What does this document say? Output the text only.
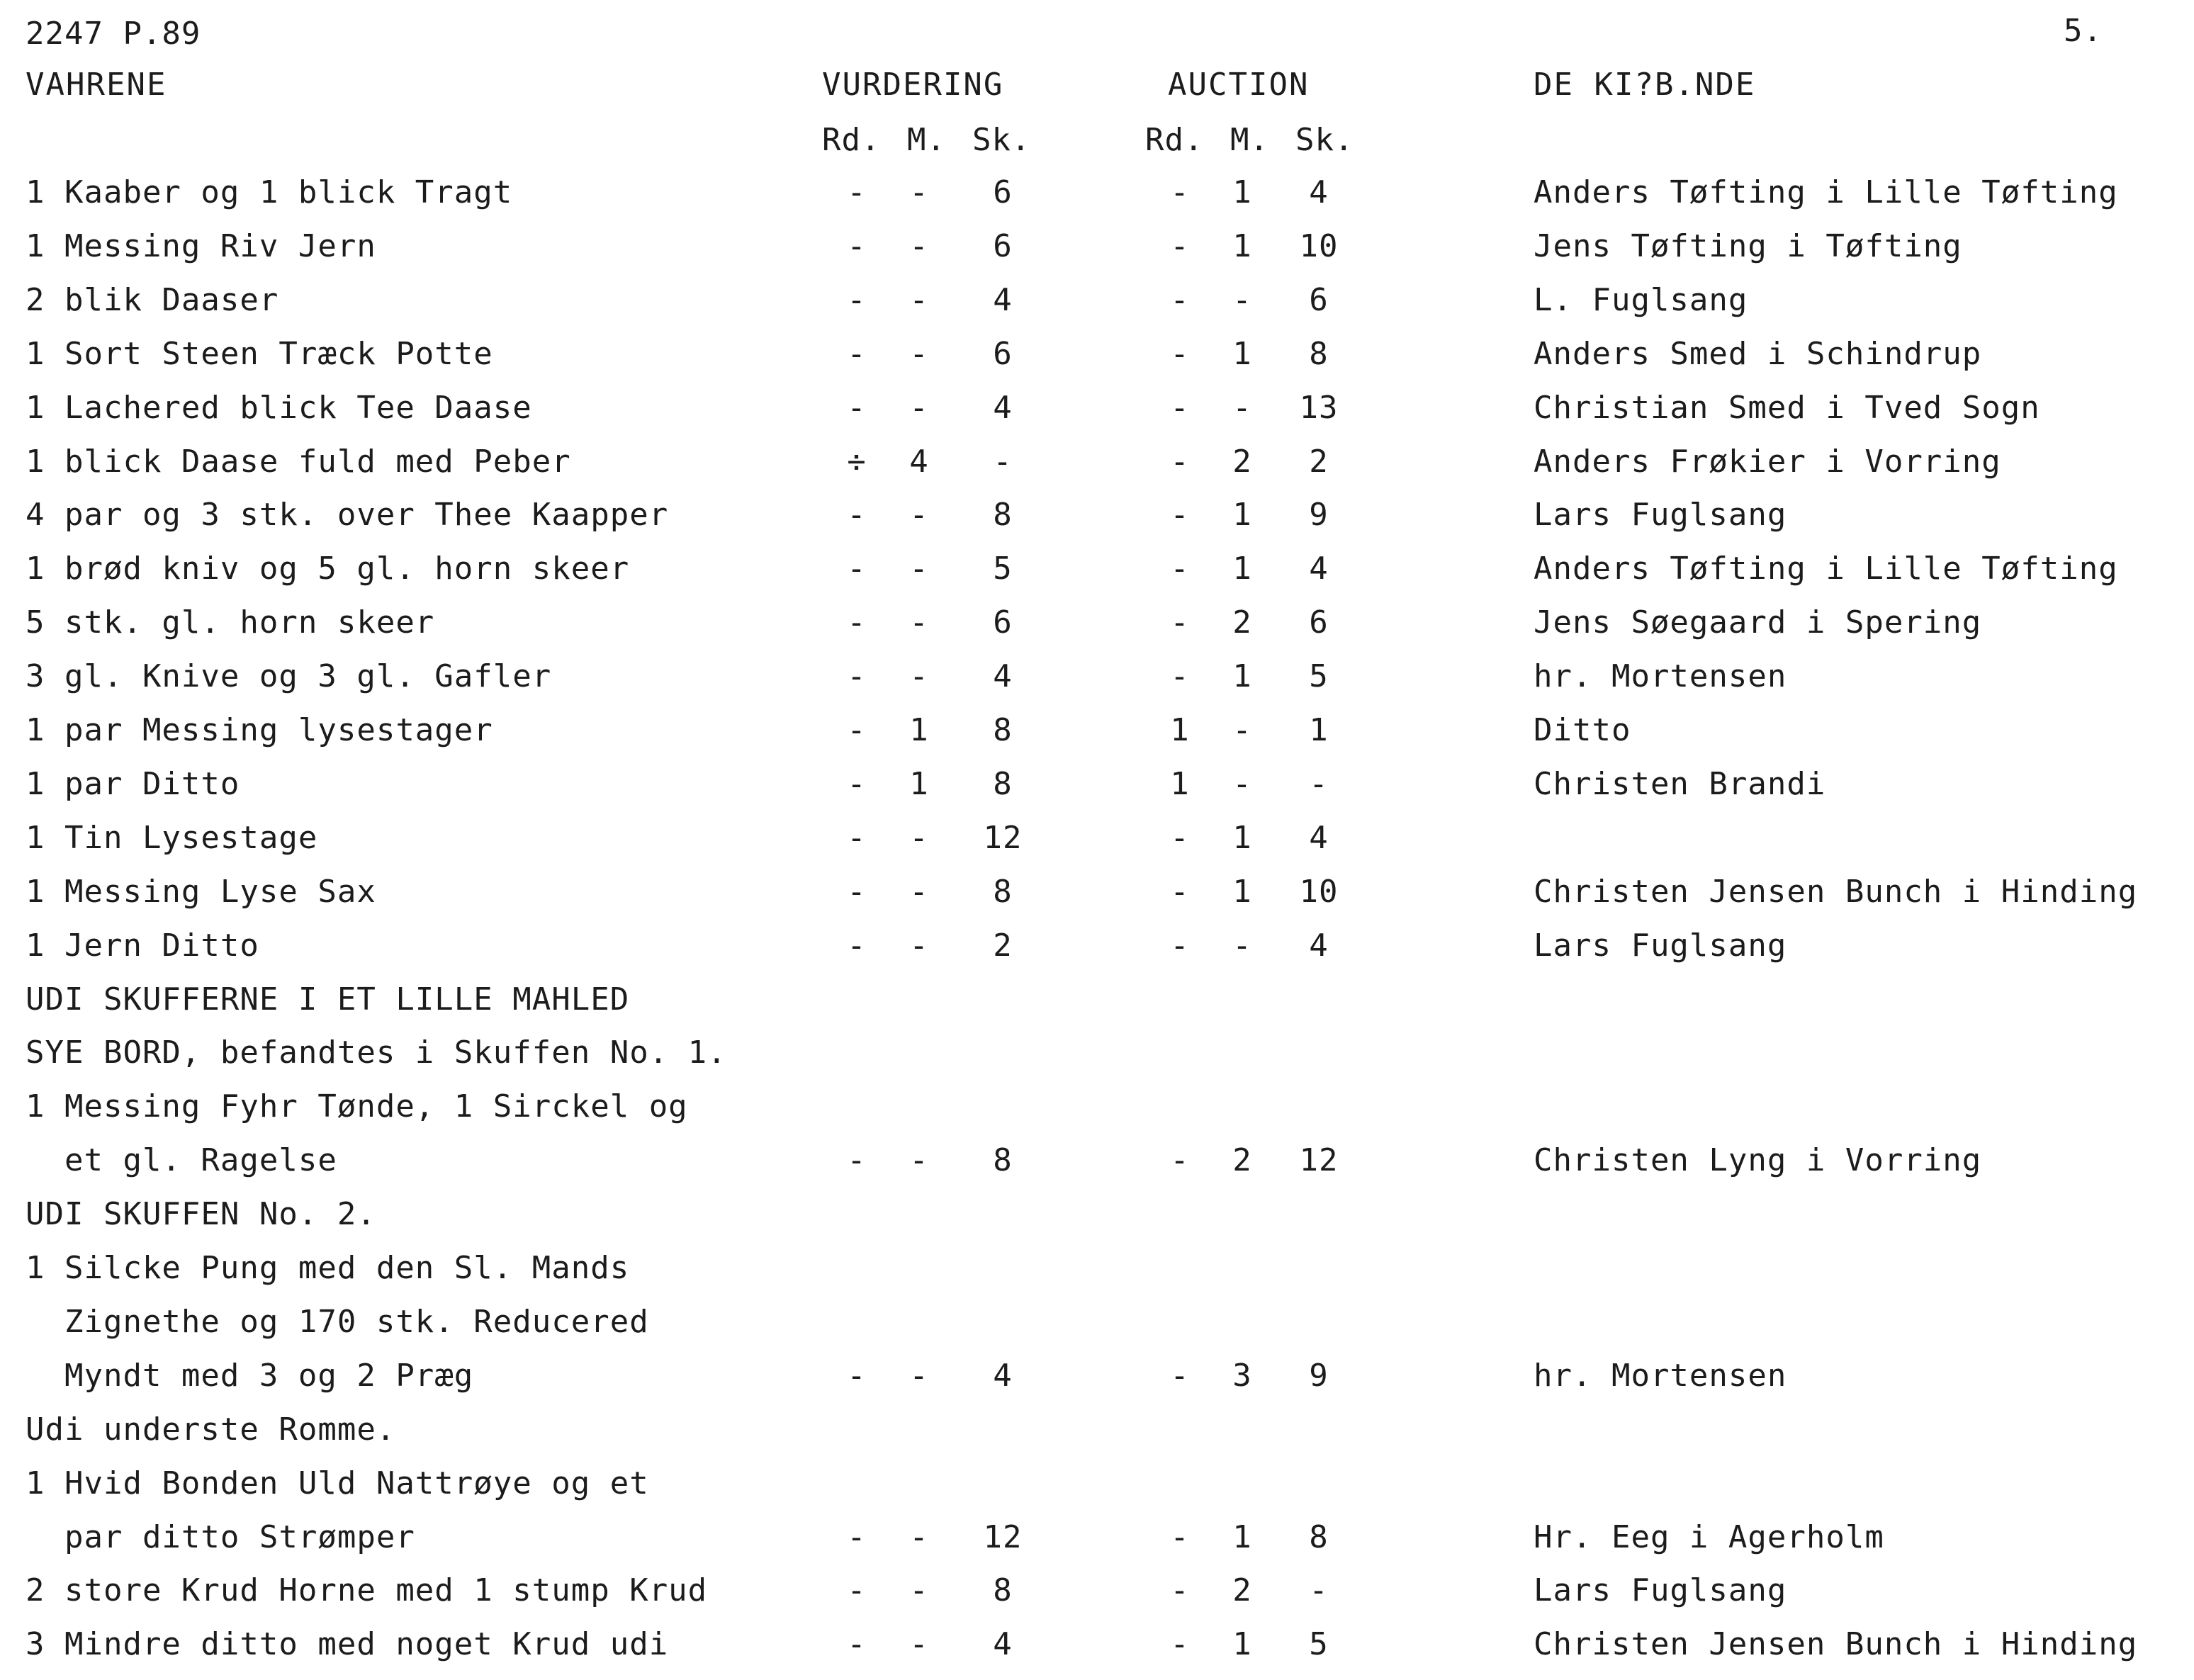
2247 P.89	5.
VAHRENE	VURDERING	AUCTION	DE KI?B.NDE
Rd. M. Sk.	Rd. M. Sk.
1 Kaaber og 1 blick Tragt	-	-	6	-	1	4	Anders Tøfting i Lille Tøfting
1 Messing Riv Jern	-	-	6	-	1	10	Jens Tøfting i Tøfting
2 blik Daaser	-	-	4	-	-	6	L. Fuglsang
1 Sort Steen Træck Potte	-	-	6	-	1	8	Anders Smed i Schindrup
1 Lachered blick Tee Daase	-	-	4	-	-	13	Christian Smed i Tved Sogn
1 blick Daase fuld med Peber	÷	4	-	-	2	2	Anders Frøkier i Vorring
4 par og 3 stk. over Thee Kaapper	-	-	8	-	1	9	Lars Fuglsang
1 brød kniv og 5 gl. horn skeer	-	-	5	-	1	4	Anders Tøfting i Lille Tøfting
5 stk. gl. horn skeer	-	-	6	-	2	6	Jens Søegaard i Spering
3 gl. Knive og 3 gl. Gafler	-	-	4	-	1	5	hr. Mortensen
1 par Messing lysestager	-	1	8	1	-	1	Ditto
1 par Ditto	-	1	8	1	-	-	Christen Brandi
1 Tin Lysestage	-	-	12	-	1	4
1 Messing Lyse Sax	-	-	8	-	1	10	Christen Jensen Bunch i Hinding
1 Jern Ditto	-	-	2	-	-	4	Lars Fuglsang
UDI SKUFFERNE I ET LILLE MAHLED
SYE BORD, befandtes i Skuffen No. 1.
1 Messing Fyhr Tønde, 1 Sirckel og
et gl. Ragelse	-	-	8	-	2	12	Christen Lyng i Vorring
UDI SKUFFEN No. 2.
1 Silcke Pung med den Sl. Mands
Zignethe og 170 stk. Reducered
Myndt med 3 og 2 Præg	-	-	4	-	3	9	hr. Mortensen
Udi underste Romme.
1 Hvid Bonden Uld Nattrøye og et
par ditto Strømper	-	-	12	-	1	8	Hr. Eeg i Agerholm
2 store Krud Horne med 1 stump Krud	-	-	8	-	2	-	Lars Fuglsang
3 Mindre ditto med noget Krud udi	-	-	4	-	1	5	Christen Jensen Bunch i Hinding
